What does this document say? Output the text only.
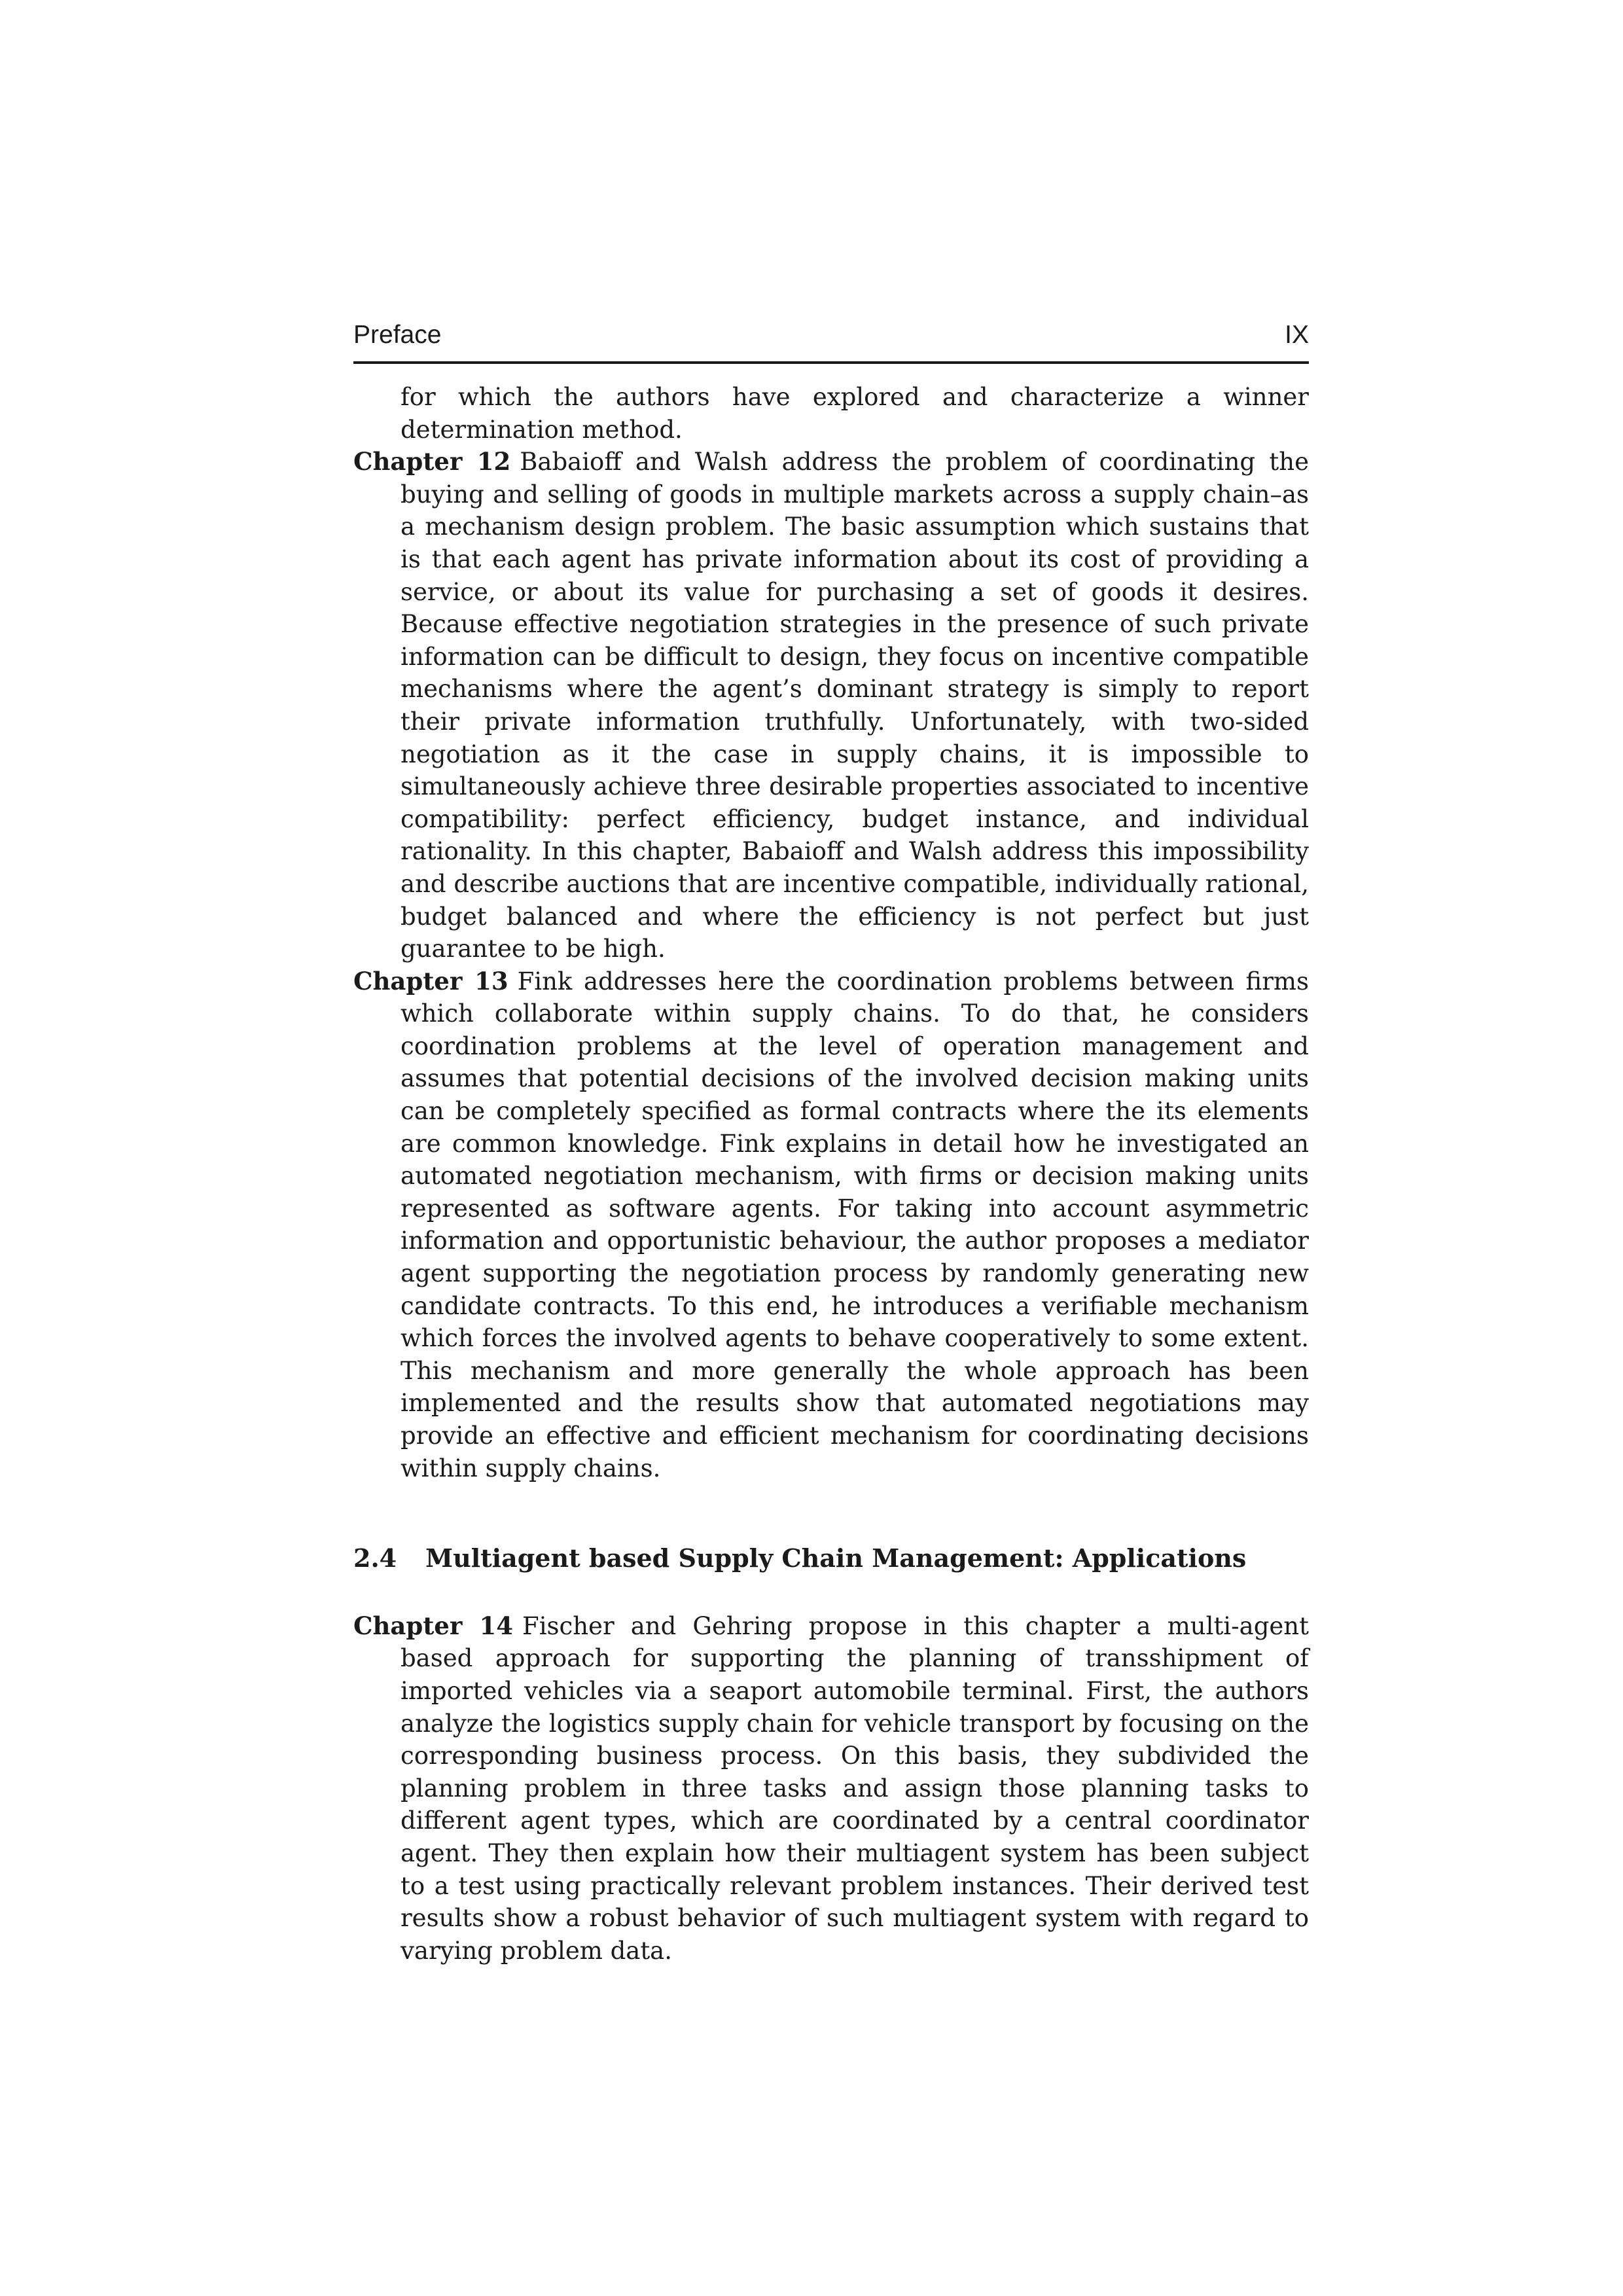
Preface	IX

for which the authors have explored and characterize a winner determination method.

Chapter 12 Babaioff and Walsh address the problem of coordinating the buying and selling of goods in multiple markets across a supply chain–as a mechanism design problem. The basic assumption which sustains that is that each agent has private information about its cost of providing a service, or about its value for purchasing a set of goods it desires. Because effective negotiation strategies in the presence of such private information can be difficult to design, they focus on incentive compatible mechanisms where the agent’s dominant strategy is simply to report their private information truthfully. Unfortunately, with two-sided negotiation as it the case in supply chains, it is impossible to simultaneously achieve three desirable properties associated to incentive compatibility: perfect efficiency, budget instance, and individual rationality. In this chapter, Babaioff and Walsh address this impossibility and describe auctions that are incentive compatible, individually rational, budget balanced and where the efficiency is not perfect but just guarantee to be high.
Chapter 13 Fink addresses here the coordination problems between firms which collaborate within supply chains. To do that, he considers coordination problems at the level of operation management and assumes that potential decisions of the involved decision making units can be completely specified as formal contracts where the its elements are common knowledge. Fink explains in detail how he investigated an automated negotiation mechanism, with firms or decision making units represented as software agents. For taking into account asymmetric information and opportunistic behaviour, the author proposes a mediator agent supporting the negotiation process by randomly generating new candidate contracts. To this end, he introduces a verifiable mechanism which forces the involved agents to behave cooperatively to some extent. This mechanism and more generally the whole approach has been implemented and the results show that automated negotiations may provide an effective and efficient mechanism for coordinating decisions within supply chains.
2.4	Multiagent based Supply Chain Management: Applications
Chapter 14 Fischer and Gehring propose in this chapter a multi-agent based approach for supporting the planning of transshipment of imported vehicles via a seaport automobile terminal. First, the authors analyze the logistics supply chain for vehicle transport by focusing on the corresponding business process. On this basis, they subdivided the planning problem in three tasks and assign those planning tasks to different agent types, which are coordinated by a central coordinator agent. They then explain how their multiagent system has been subject to a test using practically relevant problem instances. Their derived test results show a robust behavior of such multiagent system with regard to varying problem data.
